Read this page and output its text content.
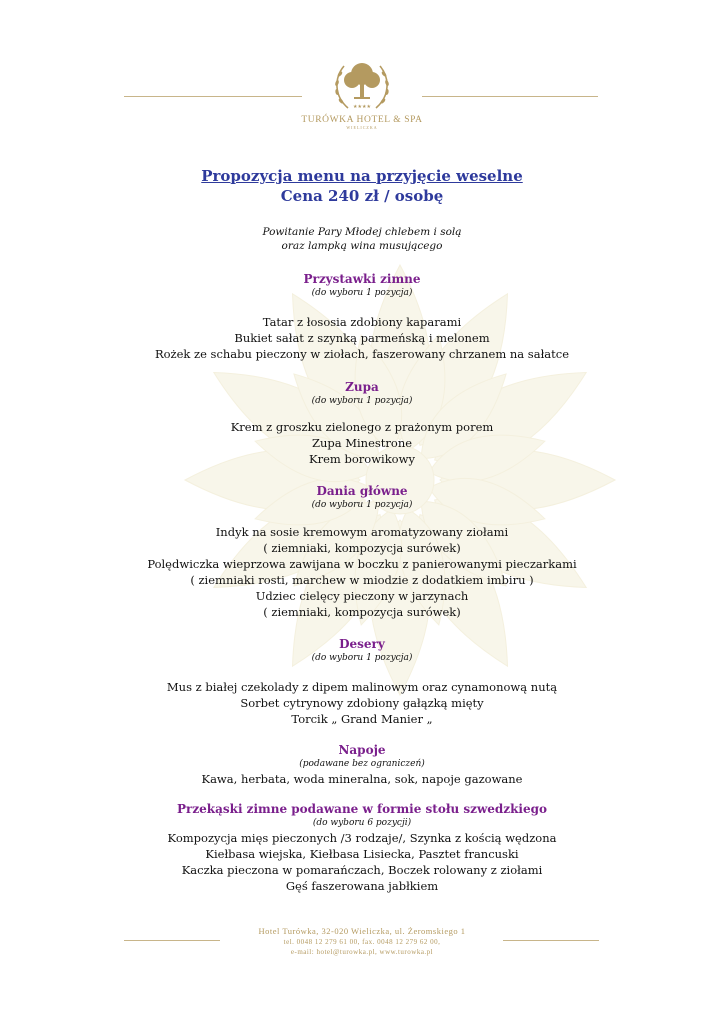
★★★★
TURÓWKA HOTEL & SPA
WIELICZKA
Propozycja menu na przyjęcie weselne
Cena 240 zł / osobę
Powitanie Pary Młodej chlebem i solą
oraz lampką wina musującego
Przystawki zimne
(do wyboru 1 pozycja)
Tatar z łososia zdobiony kaparami
Bukiet sałat z szynką parmeńską i melonem
Rożek ze schabu pieczony w ziołach, faszerowany chrzanem na sałatce
Zupa
(do wyboru 1 pozycja)
Krem z groszku zielonego z prażonym porem
Zupa Minestrone
Krem borowikowy
Dania główne
(do wyboru 1 pozycja)
Indyk na sosie kremowym aromatyzowany ziołami
( ziemniaki, kompozycja surówek)
Polędwiczka wieprzowa zawijana w boczku z panierowanymi pieczarkami
( ziemniaki rosti, marchew w miodzie z dodatkiem imbiru )
Udziec cielęcy pieczony w jarzynach
( ziemniaki, kompozycja surówek)
Desery
(do wyboru 1 pozycja)
Mus z białej czekolady z dipem malinowym oraz cynamonową nutą
Sorbet cytrynowy zdobiony gałązką mięty
Torcik „ Grand Manier „
Napoje
(podawane bez ograniczeń)
Kawa, herbata, woda mineralna, sok, napoje gazowane
Przekąski zimne podawane w formie stołu szwedzkiego
(do wyboru 6 pozycji)
Kompozycja mięs pieczonych /3 rodzaje/, Szynka z kością wędzona
Kiełbasa wiejska, Kiełbasa Lisiecka, Pasztet francuski
Kaczka pieczona w pomarańczach, Boczek rolowany z ziołami
Gęś faszerowana jabłkiem
Hotel Turówka, 32-020 Wieliczka, ul. Żeromskiego 1
tel. 0048 12 279 61 00, fax. 0048 12 279 62 00,
e-mail: hotel@turowka.pl, www.turowka.pl
